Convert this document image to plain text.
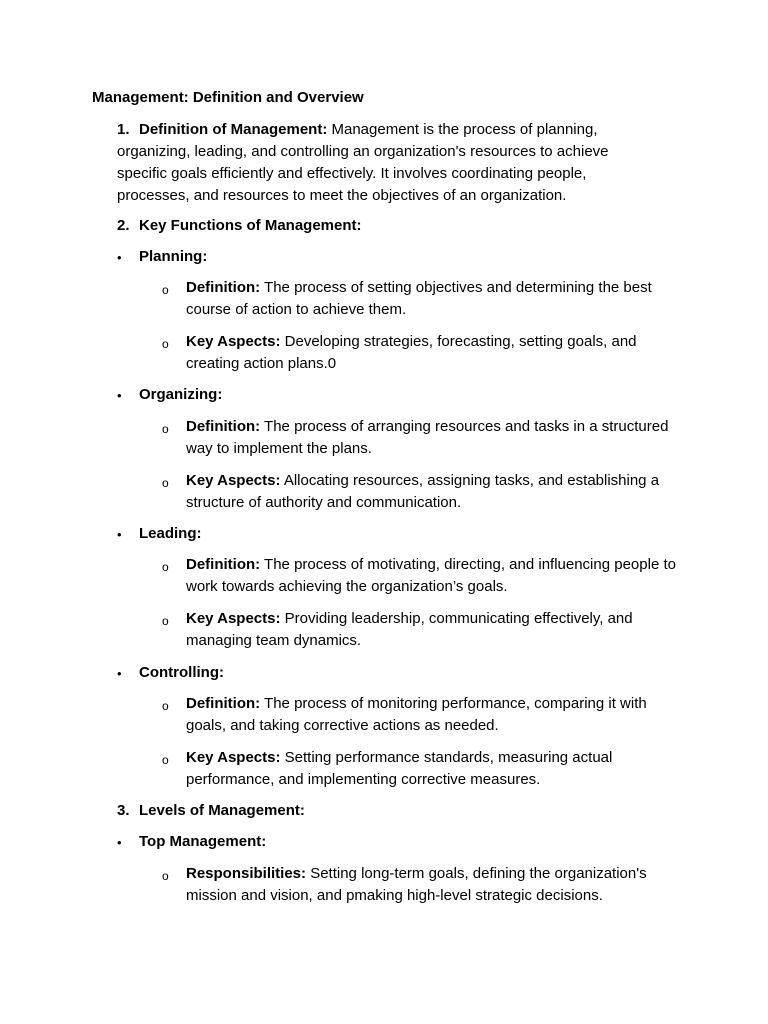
Management: Definition and Overview
1. Definition of Management: Management is the process of planning, organizing, leading, and controlling an organization's resources to achieve specific goals efficiently and effectively. It involves coordinating people, processes, and resources to meet the objectives of an organization.
2. Key Functions of Management:
• Planning:
o Definition: The process of setting objectives and determining the best course of action to achieve them.
o Key Aspects: Developing strategies, forecasting, setting goals, and creating action plans.0
• Organizing:
o Definition: The process of arranging resources and tasks in a structured way to implement the plans.
o Key Aspects: Allocating resources, assigning tasks, and establishing a structure of authority and communication.
• Leading:
o Definition: The process of motivating, directing, and influencing people to work towards achieving the organization’s goals.
o Key Aspects: Providing leadership, communicating effectively, and managing team dynamics.
• Controlling:
o Definition: The process of monitoring performance, comparing it with goals, and taking corrective actions as needed.
o Key Aspects: Setting performance standards, measuring actual performance, and implementing corrective measures.
3. Levels of Management:
• Top Management:
o Responsibilities: Setting long-term goals, defining the organization's mission and vision, and pmaking high-level strategic decisions.
